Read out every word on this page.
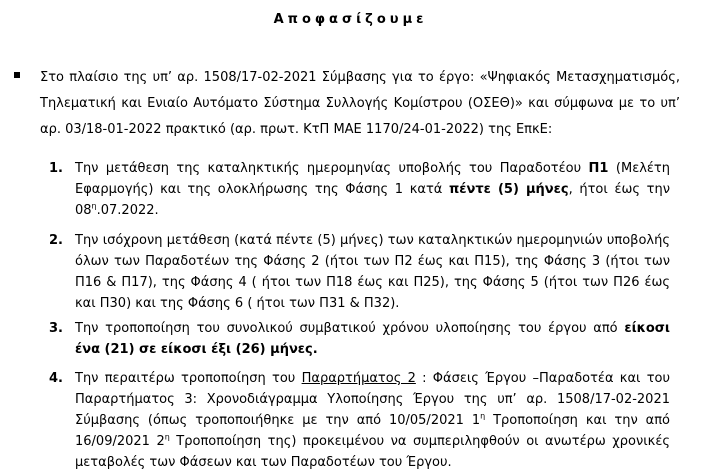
Αποφασίζουμε
Στο πλαίσιο της υπ’ αρ. 1508/17-02-2021 Σύμβασης για το έργο: «Ψηφιακός Μετασχηματισμός, Τηλεματική και Ενιαίο Αυτόματο Σύστημα Συλλογής Κομίστρου (ΟΣΕΘ)» και σύμφωνα με το υπ’ αρ. 03/18-01-2022 πρακτικό (αρ. πρωτ. ΚτΠ ΜΑΕ 1170/24-01-2022) της ΕπκΕ:
1. Την μετάθεση της καταληκτικής ημερομηνίας υποβολής του Παραδοτέου Π1 (Μελέτη Εφαρμογής) και της ολοκλήρωσης της Φάσης 1 κατά πέντε (5) μήνες, ήτοι έως την $08^\eta.07.2022$.
2. Την ισόχρονη μετάθεση (κατά πέντε (5) μήνες) των καταληκτικών ημερομηνιών υποβολής όλων των Παραδοτέων της Φάσης 2 (ήτοι των Π2 έως και Π15), της Φάσης 3 (ήτοι των Π16 & Π17), της Φάσης 4 ( ήτοι των Π18 έως και Π25), της Φάσης 5 (ήτοι των Π26 έως και Π30) και της Φάσης 6 ( ήτοι των Π31 & Π32).
3. Την τροποποίηση του συνολικού συμβατικού χρόνου υλοποίησης του έργου από είκοσι ένα (21) σε είκοσι έξι (26) μήνες.
4. Την περαιτέρω τροποποίηση του Παραρτήματος 2 : Φάσεις Έργου –Παραδοτέα και του Παραρτήματος 3: Χρονοδιάγραμμα Υλοποίησης Έργου της υπ’ αρ. 1508/17-02-2021 Σύμβασης (όπως τροποποιήθηκε με την από 10/05/2021 $1^\eta$ Τροποποίηση και την από 16/09/2021 $2^\eta$ Τροποποίηση της) προκειμένου να συμπεριληφθούν οι ανωτέρω χρονικές μεταβολές των Φάσεων και των Παραδοτέων του Έργου.
